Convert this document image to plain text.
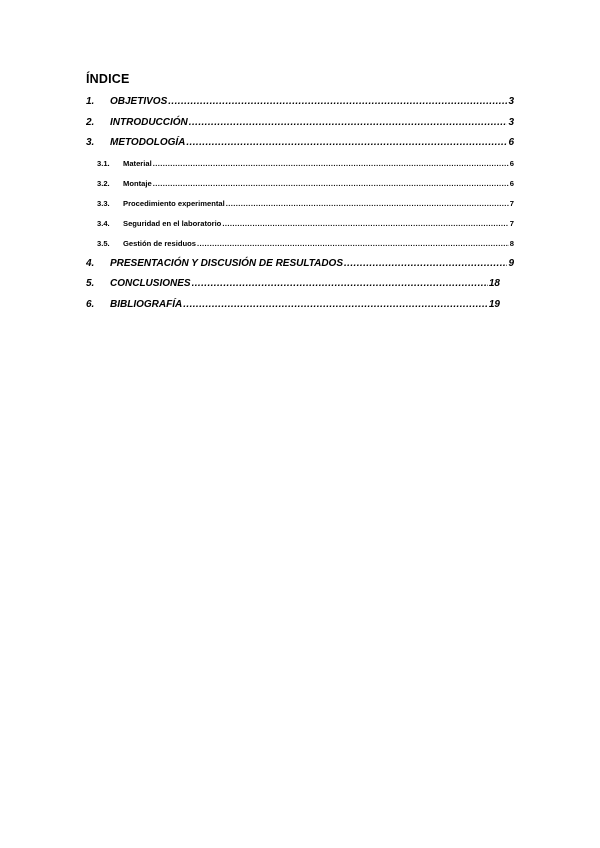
ÍNDICE
1.	OBJETIVOS .....	3
2.	INTRODUCCIÓN .....	3
3.	METODOLOGÍA .....	6
3.1. Material .....	6
3.2. Montaje .....	6
3.3. Procedimiento experimental .....	7
3.4. Seguridad en el laboratorio .....	7
3.5. Gestión de residuos .....	8
4.	PRESENTACIÓN Y DISCUSIÓN DE RESULTADOS .....	9
5.	CONCLUSIONES .....	18
6.	BIBLIOGRAFÍA .....	19
